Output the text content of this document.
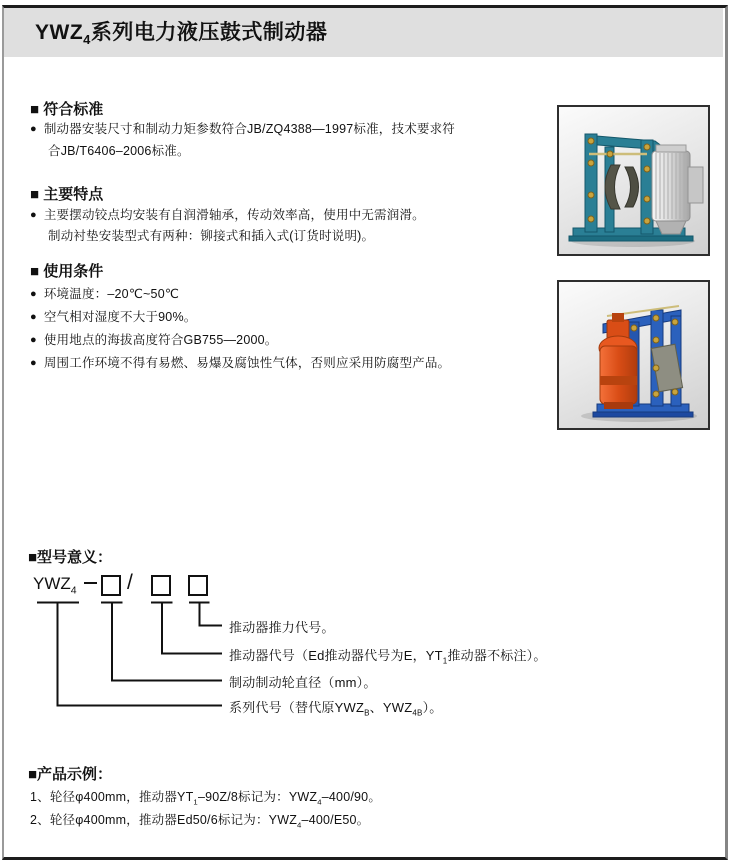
$YWZ_4$系列电力液压鼓式制动器
■ 符合标准
● 制动器安装尺寸和制动力矩参数符合JB/ZQ4388—1997标准，技术要求符
合JB/T6406–2006标准。
■ 主要特点
● 主要摆动铰点均安装有自润滑轴承，传动效率高，使用中无需润滑。
制动衬垫安装型式有两种：铆接式和插入式(订货时说明)。
■ 使用条件
● 环境温度：–20℃~50℃
● 空气相对湿度不大于90%。
● 使用地点的海拔高度符合GB755—2000。
● 周围工作环境不得有易燃、易爆及腐蚀性气体，否则应采用防腐型产品。
■型号意义：
$YWZ_4$ /
推动器推力代号。
推动器代号（Ed推动器代号为E，$YT_1$推动器不标注）。
制动制动轮直径（mm）。
系列代号（替代原$YWZ_B$、$YWZ_{4B}$）。
■产品示例：
1、轮径φ400mm，推动器$YT_1-90Z/8$标记为：$YWZ_4-400/90$。
2、轮径φ400mm，推动器Ed50/6标记为：$YWZ_4-400/E50$。
